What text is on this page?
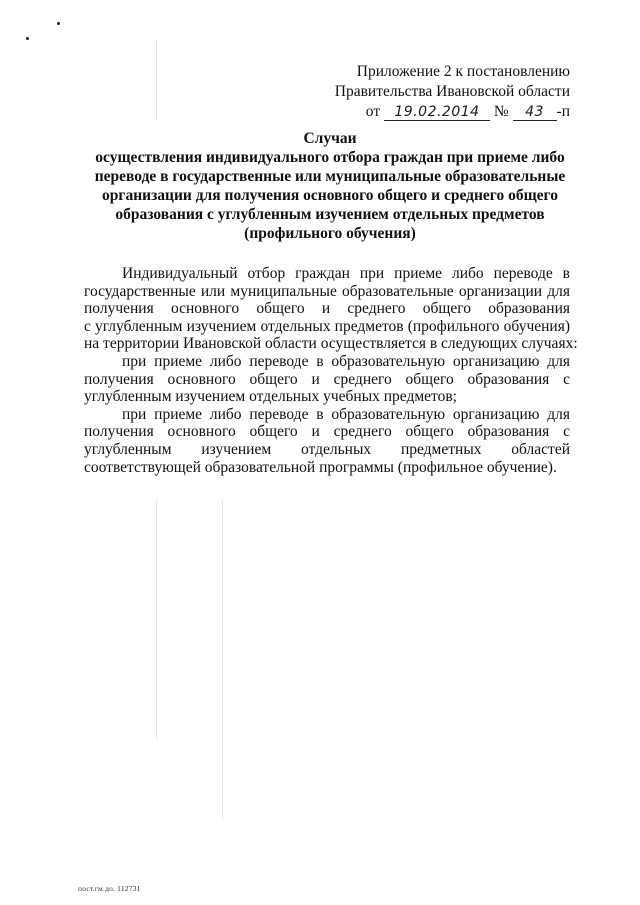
Приложение 2 к постановлению
Правительства Ивановской области
от 19.02.2014 № 43 -п
Случаи
осуществления индивидуального отбора граждан при приеме либо
переводе в государственные или муниципальные образовательные
организации для получения основного общего и среднего общего
образования с углубленным изучением отдельных предметов
(профильного обучения)
Индивидуальный отбор граждан при приеме либо переводе в
государственные или муниципальные образовательные организации для
получения основного общего и среднего общего образования
с углубленным изучением отдельных предметов (профильного обучения)
на территории Ивановской области осуществляется в следующих случаях:
при приеме либо переводе в образовательную организацию для
получения основного общего и среднего общего образования с
углубленным изучением отдельных учебных предметов;
при приеме либо переводе в образовательную организацию для
получения основного общего и среднего общего образования с
углубленным изучением отдельных предметных областей
соответствующей образовательной программы (профильное обучение).
пост.гм.до. 112731
